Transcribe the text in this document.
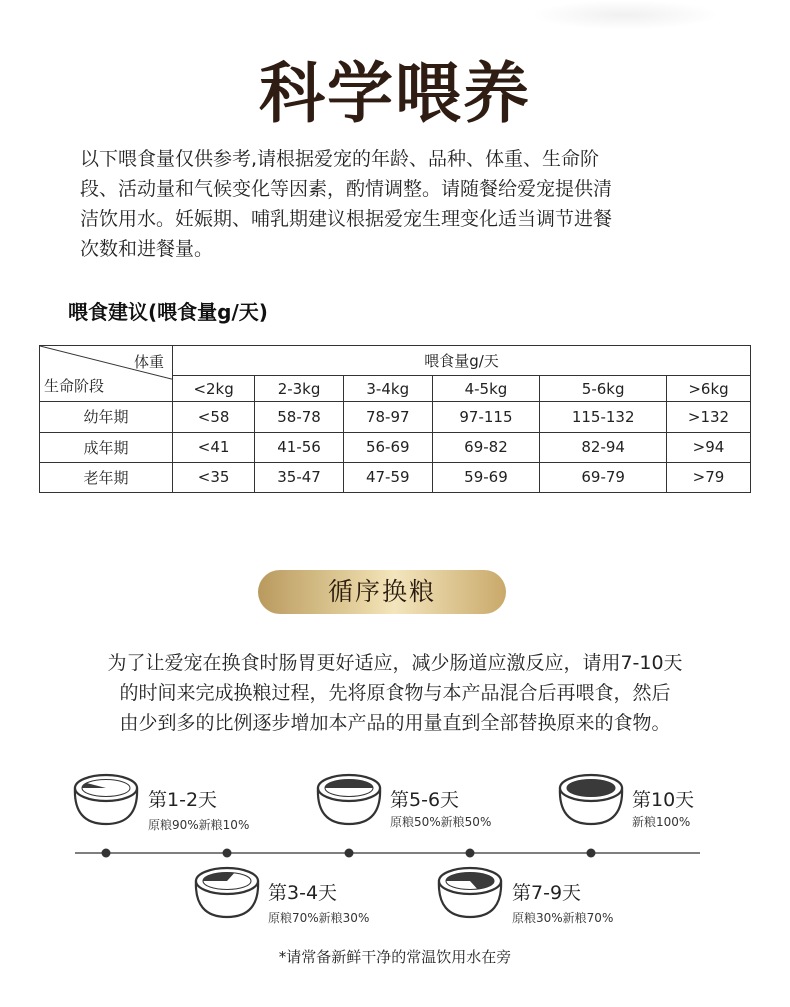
科学喂养
以下喂食量仅供参考,请根据爱宠的年龄、品种、体重、生命阶
段、活动量和气候变化等因素，酌情调整。请随餐给爱宠提供清
洁饮用水。妊娠期、哺乳期建议根据爱宠生理变化适当调节进餐
次数和进餐量。
喂食建议(喂食量g/天)
体重
生命阶段	喂食量g/天					
	<2kg	2-3kg	3-4kg	4-5kg	5-6kg	>6kg
幼年期	<58	58-78	78-97	97-115	115-132	>132
成年期	<41	41-56	56-69	69-82	82-94	>94
老年期	<35	35-47	47-59	59-69	69-79	>79
循序换粮
为了让爱宠在换食时肠胃更好适应，减少肠道应激反应，请用7-10天
的时间来完成换粮过程，先将原食物与本产品混合后再喂食，然后
由少到多的比例逐步增加本产品的用量直到全部替换原来的食物。
第1-2天
原粮90%新粮10%
第3-4天
原粮70%新粮30%
第5-6天
原粮50%新粮50%
第7-9天
原粮30%新粮70%
第10天
新粮100%
*请常备新鲜干净的常温饮用水在旁
